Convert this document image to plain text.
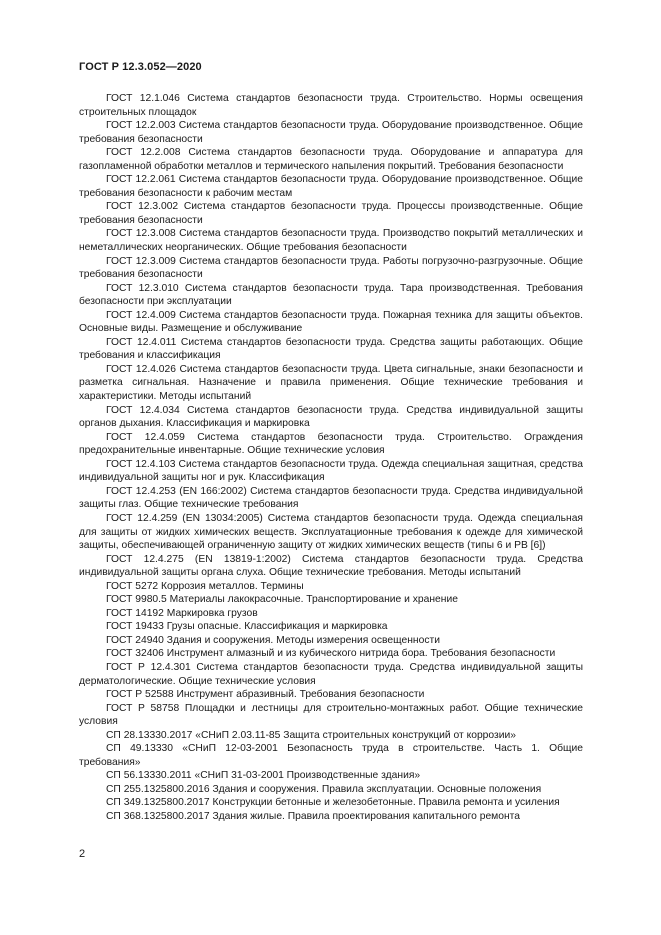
ГОСТ Р 12.3.052—2020

ГОСТ 12.1.046 Система стандартов безопасности труда. Строительство. Нормы освещения строительных площадок

ГОСТ 12.2.003 Система стандартов безопасности труда. Оборудование производственное. Общие требования безопасности

ГОСТ 12.2.008 Система стандартов безопасности труда. Оборудование и аппаратура для газопламенной обработки металлов и термического напыления покрытий. Требования безопасности

ГОСТ 12.2.061 Система стандартов безопасности труда. Оборудование производственное. Общие требования безопасности к рабочим местам

ГОСТ 12.3.002 Система стандартов безопасности труда. Процессы производственные. Общие требования безопасности

ГОСТ 12.3.008 Система стандартов безопасности труда. Производство покрытий металлических и неметаллических неорганических. Общие требования безопасности

ГОСТ 12.3.009 Система стандартов безопасности труда. Работы погрузочно-разгрузочные. Общие требования безопасности

ГОСТ 12.3.010 Система стандартов безопасности труда. Тара производственная. Требования безопасности при эксплуатации

ГОСТ 12.4.009 Система стандартов безопасности труда. Пожарная техника для защиты объектов. Основные виды. Размещение и обслуживание

ГОСТ 12.4.011 Система стандартов безопасности труда. Средства защиты работающих. Общие требования и классификация

ГОСТ 12.4.026 Система стандартов безопасности труда. Цвета сигнальные, знаки безопасности и разметка сигнальная. Назначение и правила применения. Общие технические требования и характеристики. Методы испытаний

ГОСТ 12.4.034 Система стандартов безопасности труда. Средства индивидуальной защиты органов дыхания. Классификация и маркировка

ГОСТ 12.4.059 Система стандартов безопасности труда. Строительство. Ограждения предохранительные инвентарные. Общие технические условия

ГОСТ 12.4.103 Система стандартов безопасности труда. Одежда специальная защитная, средства индивидуальной защиты ног и рук. Классификация

ГОСТ 12.4.253 (EN 166:2002) Система стандартов безопасности труда. Средства индивидуальной защиты глаз. Общие технические требования

ГОСТ 12.4.259 (EN 13034:2005) Система стандартов безопасности труда. Одежда специальная для защиты от жидких химических веществ. Эксплуатационные требования к одежде для химической защиты, обеспечивающей ограниченную защиту от жидких химических веществ (типы 6 и PB [6])

ГОСТ 12.4.275 (EN 13819-1:2002) Система стандартов безопасности труда. Средства индивидуальной защиты органа слуха. Общие технические требования. Методы испытаний

ГОСТ 5272 Коррозия металлов. Термины

ГОСТ 9980.5 Материалы лакокрасочные. Транспортирование и хранение

ГОСТ 14192 Маркировка грузов

ГОСТ 19433 Грузы опасные. Классификация и маркировка

ГОСТ 24940 Здания и сооружения. Методы измерения освещенности

ГОСТ 32406 Инструмент алмазный и из кубического нитрида бора. Требования безопасности

ГОСТ Р 12.4.301 Система стандартов безопасности труда. Средства индивидуальной защиты дерматологические. Общие технические условия

ГОСТ Р 52588 Инструмент абразивный. Требования безопасности

ГОСТ Р 58758 Площадки и лестницы для строительно-монтажных работ. Общие технические условия

СП 28.13330.2017 «СНиП 2.03.11-85 Защита строительных конструкций от коррозии»

СП 49.13330 «СНиП 12-03-2001 Безопасность труда в строительстве. Часть 1. Общие требования»

СП 56.13330.2011 «СНиП 31-03-2001 Производственные здания»

СП 255.1325800.2016 Здания и сооружения. Правила эксплуатации. Основные положения

СП 349.1325800.2017 Конструкции бетонные и железобетонные. Правила ремонта и усиления

СП 368.1325800.2017 Здания жилые. Правила проектирования капитального ремонта

2
